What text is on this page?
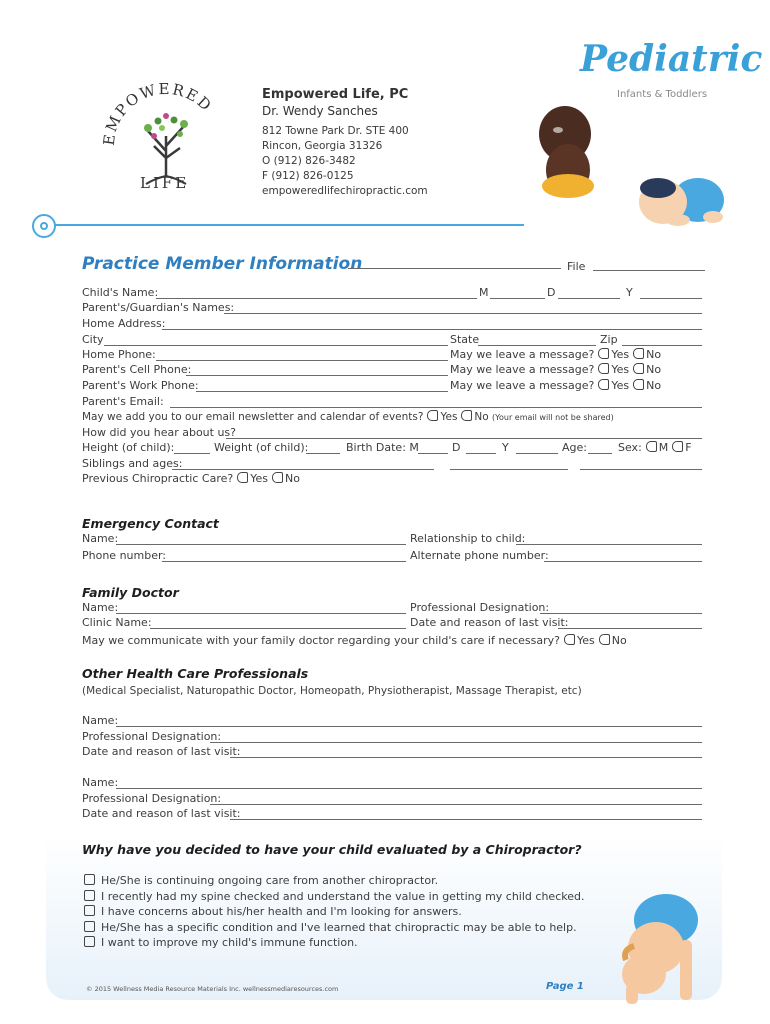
EMPOWERED
LIFE
Empowered Life, PC
Dr. Wendy Sanches
812 Towne Park Dr. STE 400
Rincon, Georgia 31326
O (912) 826-3482
F (912) 826-0125
empoweredlifechiropractic.com
Pediatric
Infants & Toddlers
Practice Member Information	File
Child's Name:	M	D	Y
Parent's/Guardian's Names:
Home Address:
City	State	Zip
Home Phone:	May we leave a message? Yes No
Parent's Cell Phone:	May we leave a message? Yes No
Parent's Work Phone:	May we leave a message? Yes No
Parent's Email:
May we add you to our email newsletter and calendar of events? Yes No (Your email will not be shared)
How did you hear about us?
Height (of child):	Weight (of child):	Birth Date: M	D	Y	Age:	Sex: M F
Siblings and ages:
Previous Chiropractic Care? Yes No
Emergency Contact
Name:	Relationship to child:
Phone number:	Alternate phone number:
Family Doctor
Name:	Professional Designation:
Clinic Name:	Date and reason of last visit:
May we communicate with your family doctor regarding your child's care if necessary? Yes No
Other Health Care Professionals
(Medical Specialist, Naturopathic Doctor, Homeopath, Physiotherapist, Massage Therapist, etc)
Name:
Professional Designation:
Date and reason of last visit:
Name:
Professional Designation:
Date and reason of last visit:
Why have you decided to have your child evaluated by a Chiropractor?
He/She is continuing ongoing care from another chiropractor.
I recently had my spine checked and understand the value in getting my child checked.
I have concerns about his/her health and I'm looking for answers.
He/She has a specific condition and I've learned that chiropractic may be able to help.
I want to improve my child's immune function.
© 2015 Wellness Media Resource Materials Inc. wellnessmediaresources.com	Page 1
